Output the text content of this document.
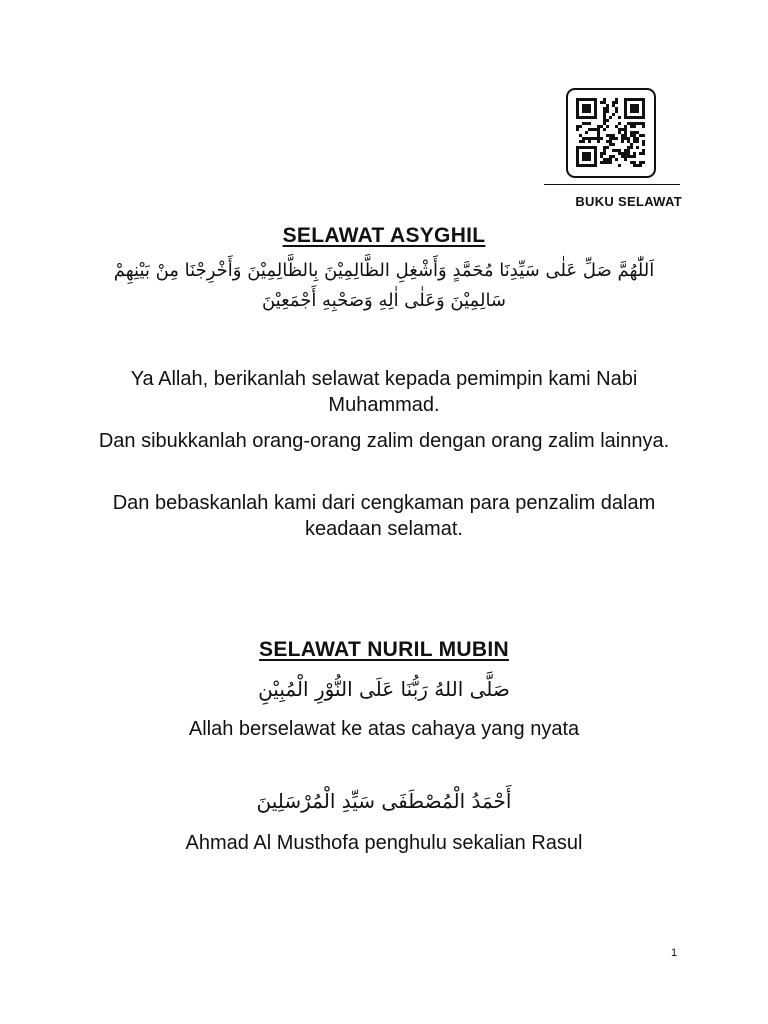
BUKU SELAWAT
SELAWAT ASYGHIL
اَللّٰهُمَّ صَلِّ عَلٰى سَيِّدِنَا مُحَمَّدٍ وَأَشْغِلِ الظَّالِمِيْنَ بِالظَّالِمِيْنَ وَأَخْرِجْنَا مِنْ بَيْنِهِمْ سَالِمِيْنَ وَعَلٰى اٰلِهِ وَصَحْبِهِ أَجْمَعِيْنَ
Ya Allah, berikanlah selawat kepada pemimpin kami Nabi Muhammad.
Dan sibukkanlah orang-orang zalim dengan orang zalim lainnya.
Dan bebaskanlah kami dari cengkaman para penzalim dalam keadaan selamat.
SELAWAT NURIL MUBIN
صَلَّى اللهُ رَبُّنَا عَلَى النُّوْرِ الْمُبِيْنِ
Allah berselawat ke atas cahaya yang nyata
أَحْمَدُ الْمُصْطَفَى سَيِّدِ الْمُرْسَلِينَ
Ahmad Al Musthofa penghulu sekalian Rasul
1
